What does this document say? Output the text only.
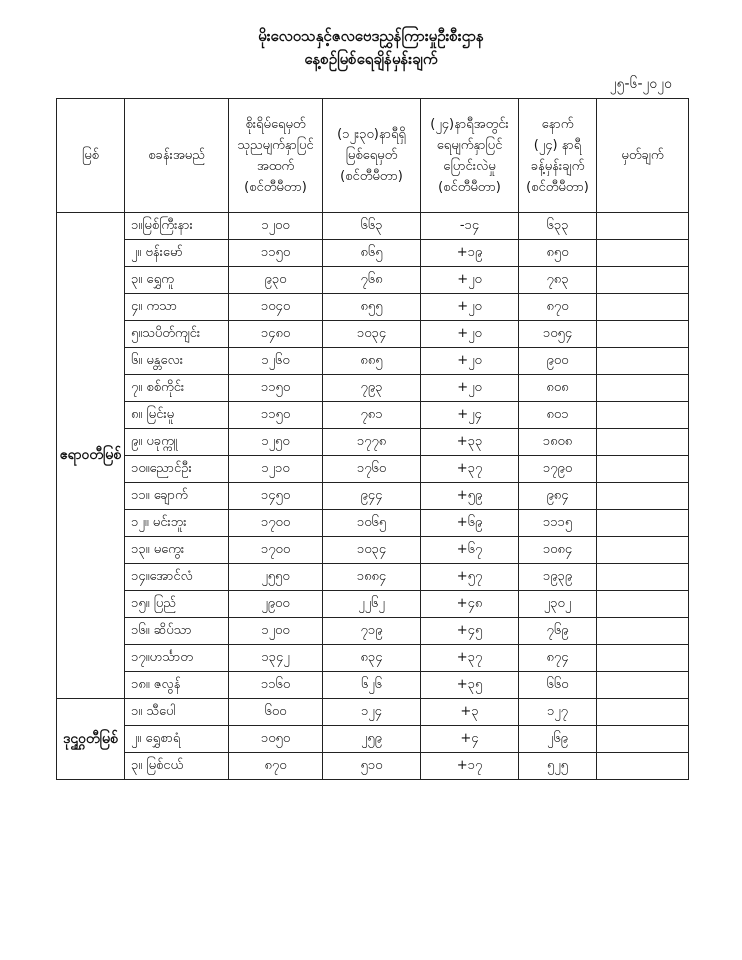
မိုးလေဝသနှင့်ဇလဗေဒညွှန်ကြားမှုဦးစီးဌာန
နေ့စဉ်မြစ်ရေချိန်မှန်းချက်
၂၅-၆-၂၀၂၀
မြစ်	စခန်းအမည်	စိုးရိမ်ရေမှတ်
သုညမျက်နှာပြင်
အထက်
(စင်တီမီတာ)	(၁၂း၃၀)နာရီရှိ
မြစ်ရေမှတ်
(စင်တီမီတာ)	(၂၄)နာရီအတွင်း
ရေမျက်နှာပြင်
ပြောင်းလဲမှု
(စင်တီမီတာ)	နောက်
(၂၄) နာရီ
ခန့်မှန်းချက်
(စင်တီမီတာ)	မှတ်ချက်
ဧရာဝတီမြစ်	၁။မြစ်ကြီးနား	၁၂၀၀	၆၆၃	-၁၄	၆၃၃	
	၂။ ဗန်းမော်	၁၁၅၀	၈၆၅	+၁၉	၈၅၀	
	၃။ ရွှေကူ	၉၃၀	၇၆၈	+၂၀	၇၈၃	
	၄။ ကသာ	၁၀၄၀	၈၅၅	+၂၀	၈၇၀	
	၅။သပိတ်ကျင်း	၁၄၈၀	၁၀၃၄	+၂၀	၁၀၅၄	
	၆။ မန္တလေး	၁၂၆၀	၈၈၅	+၂၀	၉၀၀	
	၇။ စစ်ကိုင်း	၁၁၅၀	၇၉၃	+၂၀	၈၀၈	
	၈။ မြင်းမူ	၁၁၅၀	၇၈၁	+၂၄	၈၀၁	
	၉။ ပခုက္ကူ	၁၂၅၀	၁၇၇၈	+၃၃	၁၈၀၈	
	၁၀။ညောင်ဦး	၁၂၁၀	၁၇၆၀	+၃၇	၁၇၉၀	
	၁၁။ ချောက်	၁၄၅၀	၉၄၄	+၅၉	၉၈၄	
	၁၂။ မင်းဘူး	၁၇၀၀	၁၀၆၅	+၆၉	၁၁၁၅	
	၁၃။ မကွေး	၁၇၀၀	၁၀၃၄	+၆၇	၁၀၈၄	
	၁၄။အောင်လံ	၂၅၅၀	၁၈၈၄	+၅၇	၁၉၃၉	
	၁၅။ ပြည်	၂၉၀၀	၂၂၆၂	+၄၈	၂၃၀၂	
	၁၆။ ဆိပ်သာ	၁၂၀၀	၇၁၉	+၄၅	၇၆၉	
	၁၇။ဟင်္သာတ	၁၃၄၂	၈၃၄	+၃၇	၈၇၄	
	၁၈။ ဇလွန်	၁၁၆၀	၆၂၆	+၃၅	၆၆၀	
ဒုဌ္ဌဝတီမြစ်	၁။ သီပေါ	၆၀၀	၁၂၄	+၃	၁၂၇	
	၂။ ရွှေစာရံ	၁၀၅၀	၂၅၉	+၄	၂၆၉	
	၃။ မြစ်ငယ်	၈၇၀	၅၁၀	+၁၇	၅၂၅	
